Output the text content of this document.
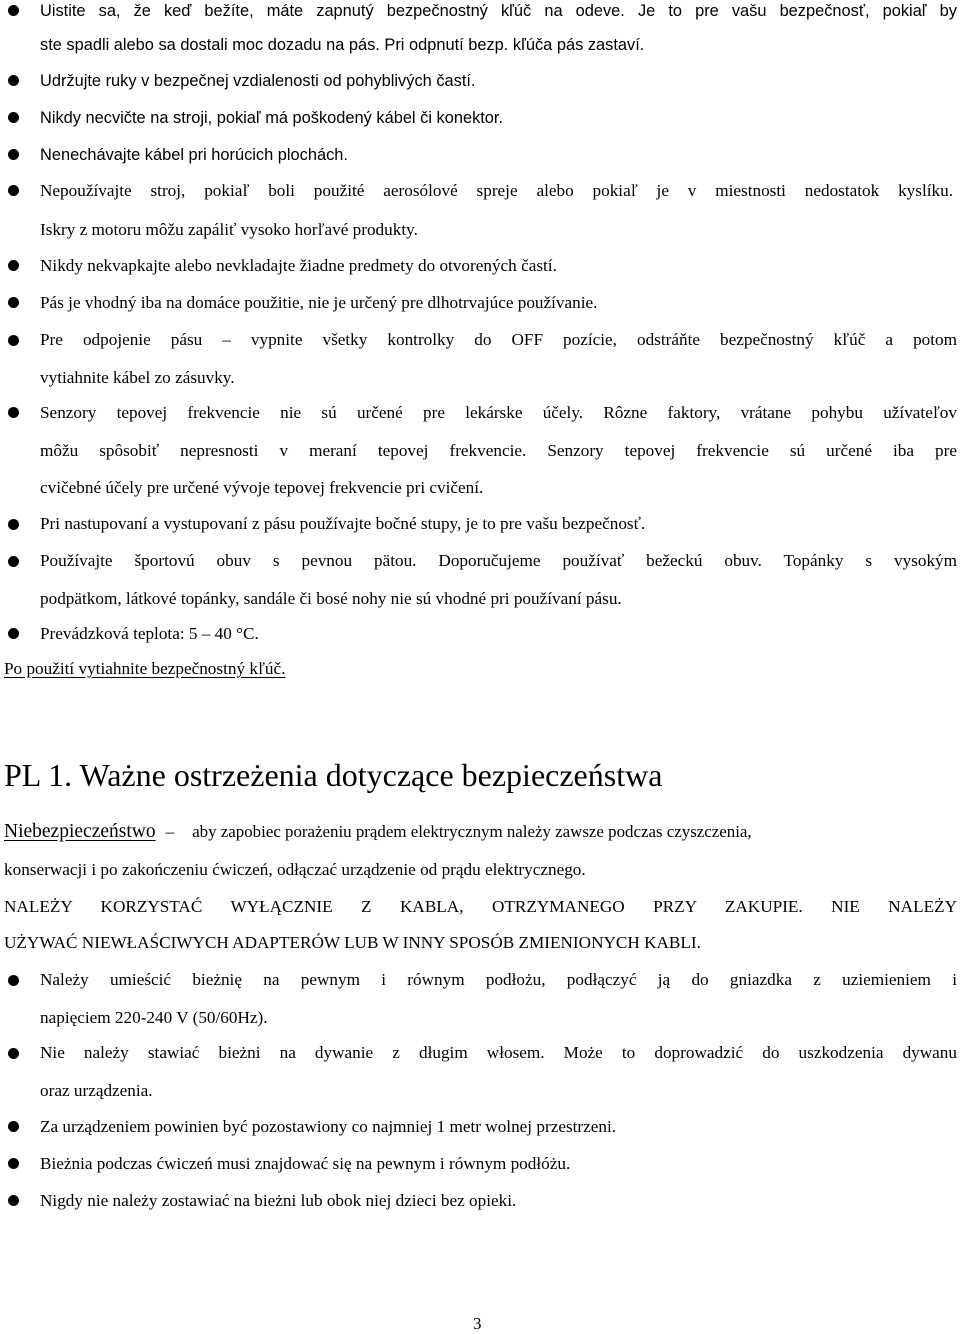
Uistite sa, že keď bežíte, máte zapnutý bezpečnostný kľúč na odeve. Je to pre vašu bezpečnosť, pokiaľ by
ste spadli alebo sa dostali moc dozadu na pás. Pri odpnutí bezp. kľúča pás zastaví.
Udržujte ruky v bezpečnej vzdialenosti od pohyblivých častí.
Nikdy necvičte na stroji, pokiaľ má poškodený kábel či konektor.
Nenechávajte kábel pri horúcich plochách.
Nepoužívajte stroj, pokiaľ boli použité aerosólové spreje alebo pokiaľ je v miestnosti nedostatok kyslíku.
Iskry z motoru môžu zapáliť vysoko horľavé produkty.
Nikdy nekvapkajte alebo nevkladajte žiadne predmety do otvorených častí.
Pás je vhodný iba na domáce použitie, nie je určený pre dlhotrvajúce používanie.
Pre odpojenie pásu – vypnite všetky kontrolky do OFF pozície, odstráňte bezpečnostný kľúč a potom
vytiahnite kábel zo zásuvky.
Senzory tepovej frekvencie nie sú určené pre lekárske účely. Rôzne faktory, vrátane pohybu užívateľov
môžu spôsobiť nepresnosti v meraní tepovej frekvencie. Senzory tepovej frekvencie sú určené iba pre
cvičebné účely pre určené vývoje tepovej frekvencie pri cvičení.
Pri nastupovaní a vystupovaní z pásu používajte bočné stupy, je to pre vašu bezpečnosť.
Používajte športovú obuv s pevnou pätou. Doporučujeme používať bežeckú obuv. Topánky s vysokým
podpätkom, látkové topánky, sandále či bosé nohy nie sú vhodné pri používaní pásu.
Prevádzková teplota: 5 – 40 °C.
Po použití vytiahnite bezpečnostný kľúč.
PL 1. Ważne ostrzeżenia dotyczące bezpieczeństwa
Niebezpieczeństwo – aby zapobiec porażeniu prądem elektrycznym należy zawsze podczas czyszczenia,
konserwacji i po zakończeniu ćwiczeń, odłączać urządzenie od prądu elektrycznego.
NALEŻY KORZYSTAĆ WYŁĄCZNIE Z KABLA, OTRZYMANEGO PRZY ZAKUPIE. NIE NALEŻY
UŻYWAĆ NIEWŁAŚCIWYCH ADAPTERÓW LUB W INNY SPOSÓB ZMIENIONYCH KABLI.
Należy umieścić bieżnię na pewnym i równym podłożu, podłączyć ją do gniazdka z uziemieniem i
napięciem 220-240 V (50/60Hz).
Nie należy stawiać bieżni na dywanie z długim włosem. Może to doprowadzić do uszkodzenia dywanu
oraz urządzenia.
Za urządzeniem powinien być pozostawiony co najmniej 1 metr wolnej przestrzeni.
Bieżnia podczas ćwiczeń musi znajdować się na pewnym i równym podłóżu.
Nigdy nie należy zostawiać na bieżni lub obok niej dzieci bez opieki.
3
